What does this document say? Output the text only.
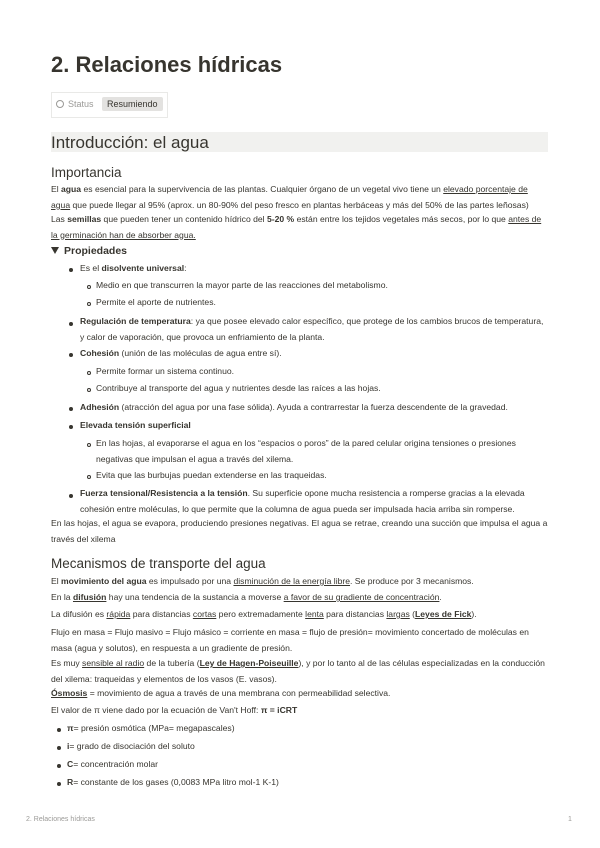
2. Relaciones hídricas
Status	Resumiendo
Introducción: el agua
Importancia
El agua es esencial para la supervivencia de las plantas. Cualquier órgano de un vegetal vivo tiene un elevado porcentaje de agua que puede llegar al 95% (aprox. un 80-90% del peso fresco en plantas herbáceas y más del 50% de las partes leñosas)
Las semillas que pueden tener un contenido hídrico del 5-20 % están entre los tejidos vegetales más secos, por lo que antes de la germinación han de absorber agua.
Propiedades
Es el disolvente universal:
Medio en que transcurren la mayor parte de las reacciones del metabolismo.
Permite el aporte de nutrientes.
Regulación de temperatura: ya que posee elevado calor específico, que protege de los cambios brucos de temperatura, y calor de vaporación, que provoca un enfriamiento de la planta.
Cohesión (unión de las moléculas de agua entre sí).
Permite formar un sistema continuo.
Contribuye al transporte del agua y nutrientes desde las raíces a las hojas.
Adhesión (atracción del agua por una fase sólida). Ayuda a contrarrestar la fuerza descendente de la gravedad.
Elevada tensión superficial
En las hojas, al evaporarse el agua en los “espacios o poros” de la pared celular origina tensiones o presiones negativas que impulsan el agua a través del xilema.
Evita que las burbujas puedan extenderse en las traqueidas.
Fuerza tensional/Resistencia a la tensión. Su superficie opone mucha resistencia a romperse gracias a la elevada cohesión entre moléculas, lo que permite que la columna de agua pueda ser impulsada hacia arriba sin romperse.
En las hojas, el agua se evapora, produciendo presiones negativas. El agua se retrae, creando una succión que impulsa el agua a través del xilema
Mecanismos de transporte del agua
El movimiento del agua es impulsado por una disminución de la energía libre. Se produce por 3 mecanismos.
En la difusión hay una tendencia de la sustancia a moverse a favor de su gradiente de concentración.
La difusión es rápida para distancias cortas pero extremadamente lenta para distancias largas (Leyes de Fick).
Flujo en masa = Flujo masivo = Flujo másico = corriente en masa = flujo de presión= movimiento concertado de moléculas en masa (agua y solutos), en respuesta a un gradiente de presión.
Es muy sensible al radio de la tubería (Ley de Hagen-Poiseuille), y por lo tanto al de las células especializadas en la conducción del xilema: traqueidas y elementos de los vasos (E. vasos).
Ósmosis = movimiento de agua a través de una membrana con permeabilidad selectiva.
El valor de π viene dado por la ecuación de Van't Hoff: π = iCRT
π= presión osmótica (MPa= megapascales)
i= grado de disociación del soluto
C= concentración molar
R= constante de los gases (0,0083 MPa litro mol-1 K-1)
2. Relaciones hídricas	1
